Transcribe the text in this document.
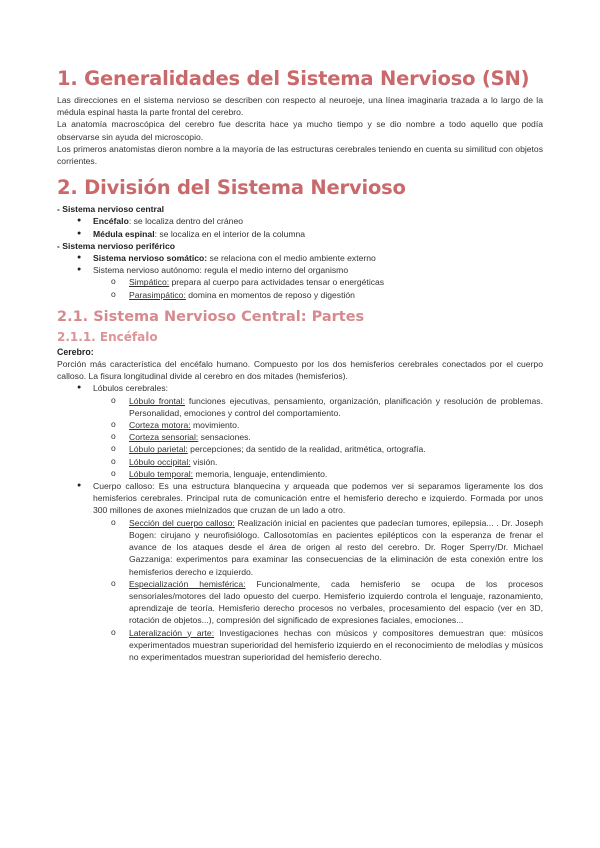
1. Generalidades del Sistema Nervioso (SN)

Las direcciones en el sistema nervioso se describen con respecto al neuroeje, una línea imaginaria trazada a lo largo de la médula espinal hasta la parte frontal del cerebro.

La anatomía macroscópica del cerebro fue descrita hace ya mucho tiempo y se dio nombre a todo aquello que podía observarse sin ayuda del microscopio.

Los primeros anatomistas dieron nombre a la mayoría de las estructuras cerebrales teniendo en cuenta su similitud con objetos corrientes.

2. División del Sistema Nervioso
- Sistema nervioso central
● Encéfalo: se localiza dentro del cráneo
● Médula espinal: se localiza en el interior de la columna
- Sistema nervioso periférico
● Sistema nervioso somático: se relaciona con el medio ambiente externo
● Sistema nervioso autónomo: regula el medio interno del organismo
o Simpático: prepara al cuerpo para actividades tensar o energéticas
o Parasimpático: domina en momentos de reposo y digestión
2.1. Sistema Nervioso Central: Partes
2.1.1. Encéfalo
Cerebro:

Porción más característica del encéfalo humano. Compuesto por los dos hemisferios cerebrales conectados por el cuerpo calloso. La fisura longitudinal divide al cerebro en dos mitades (hemisferios).

● Lóbulos cerebrales:
o Lóbulo frontal: funciones ejecutivas, pensamiento, organización, planificación y resolución de problemas. Personalidad, emociones y control del comportamiento.
o Corteza motora: movimiento.
o Corteza sensorial: sensaciones.
o Lóbulo parietal: percepciones; da sentido de la realidad, aritmética, ortografía.
o Lóbulo occipital: visión.
o Lóbulo temporal: memoria, lenguaje, entendimiento.
● Cuerpo calloso: Es una estructura blanquecina y arqueada que podemos ver si separamos ligeramente los dos hemisferios cerebrales. Principal ruta de comunicación entre el hemisferio derecho e izquierdo. Formada por unos 300 millones de axones mielnizados que cruzan de un lado a otro.
o Sección del cuerpo calloso: Realización inicial en pacientes que padecían tumores, epilepsia... . Dr. Joseph Bogen: cirujano y neurofisiólogo. Callosotomías en pacientes epilépticos con la esperanza de frenar el avance de los ataques desde el área de origen al resto del cerebro. Dr. Roger Sperry/Dr. Michael Gazzaniga: experimentos para examinar las consecuencias de la eliminación de esta conexión entre los hemisferios derecho e izquierdo.
o Especialización hemisférica: Funcionalmente, cada hemisferio se ocupa de los procesos sensoriales/motores del lado opuesto del cuerpo. Hemisferio izquierdo controla el lenguaje, razonamiento, aprendizaje de teoría. Hemisferio derecho procesos no verbales, procesamiento del espacio (ver en 3D, rotación de objetos...), compresión del significado de expresiones faciales, emociones...
o Lateralización y arte: Investigaciones hechas con músicos y compositores demuestran que: músicos experimentados muestran superioridad del hemisferio izquierdo en el reconocimiento de melodías y músicos no experimentados muestran superioridad del hemisferio derecho.
